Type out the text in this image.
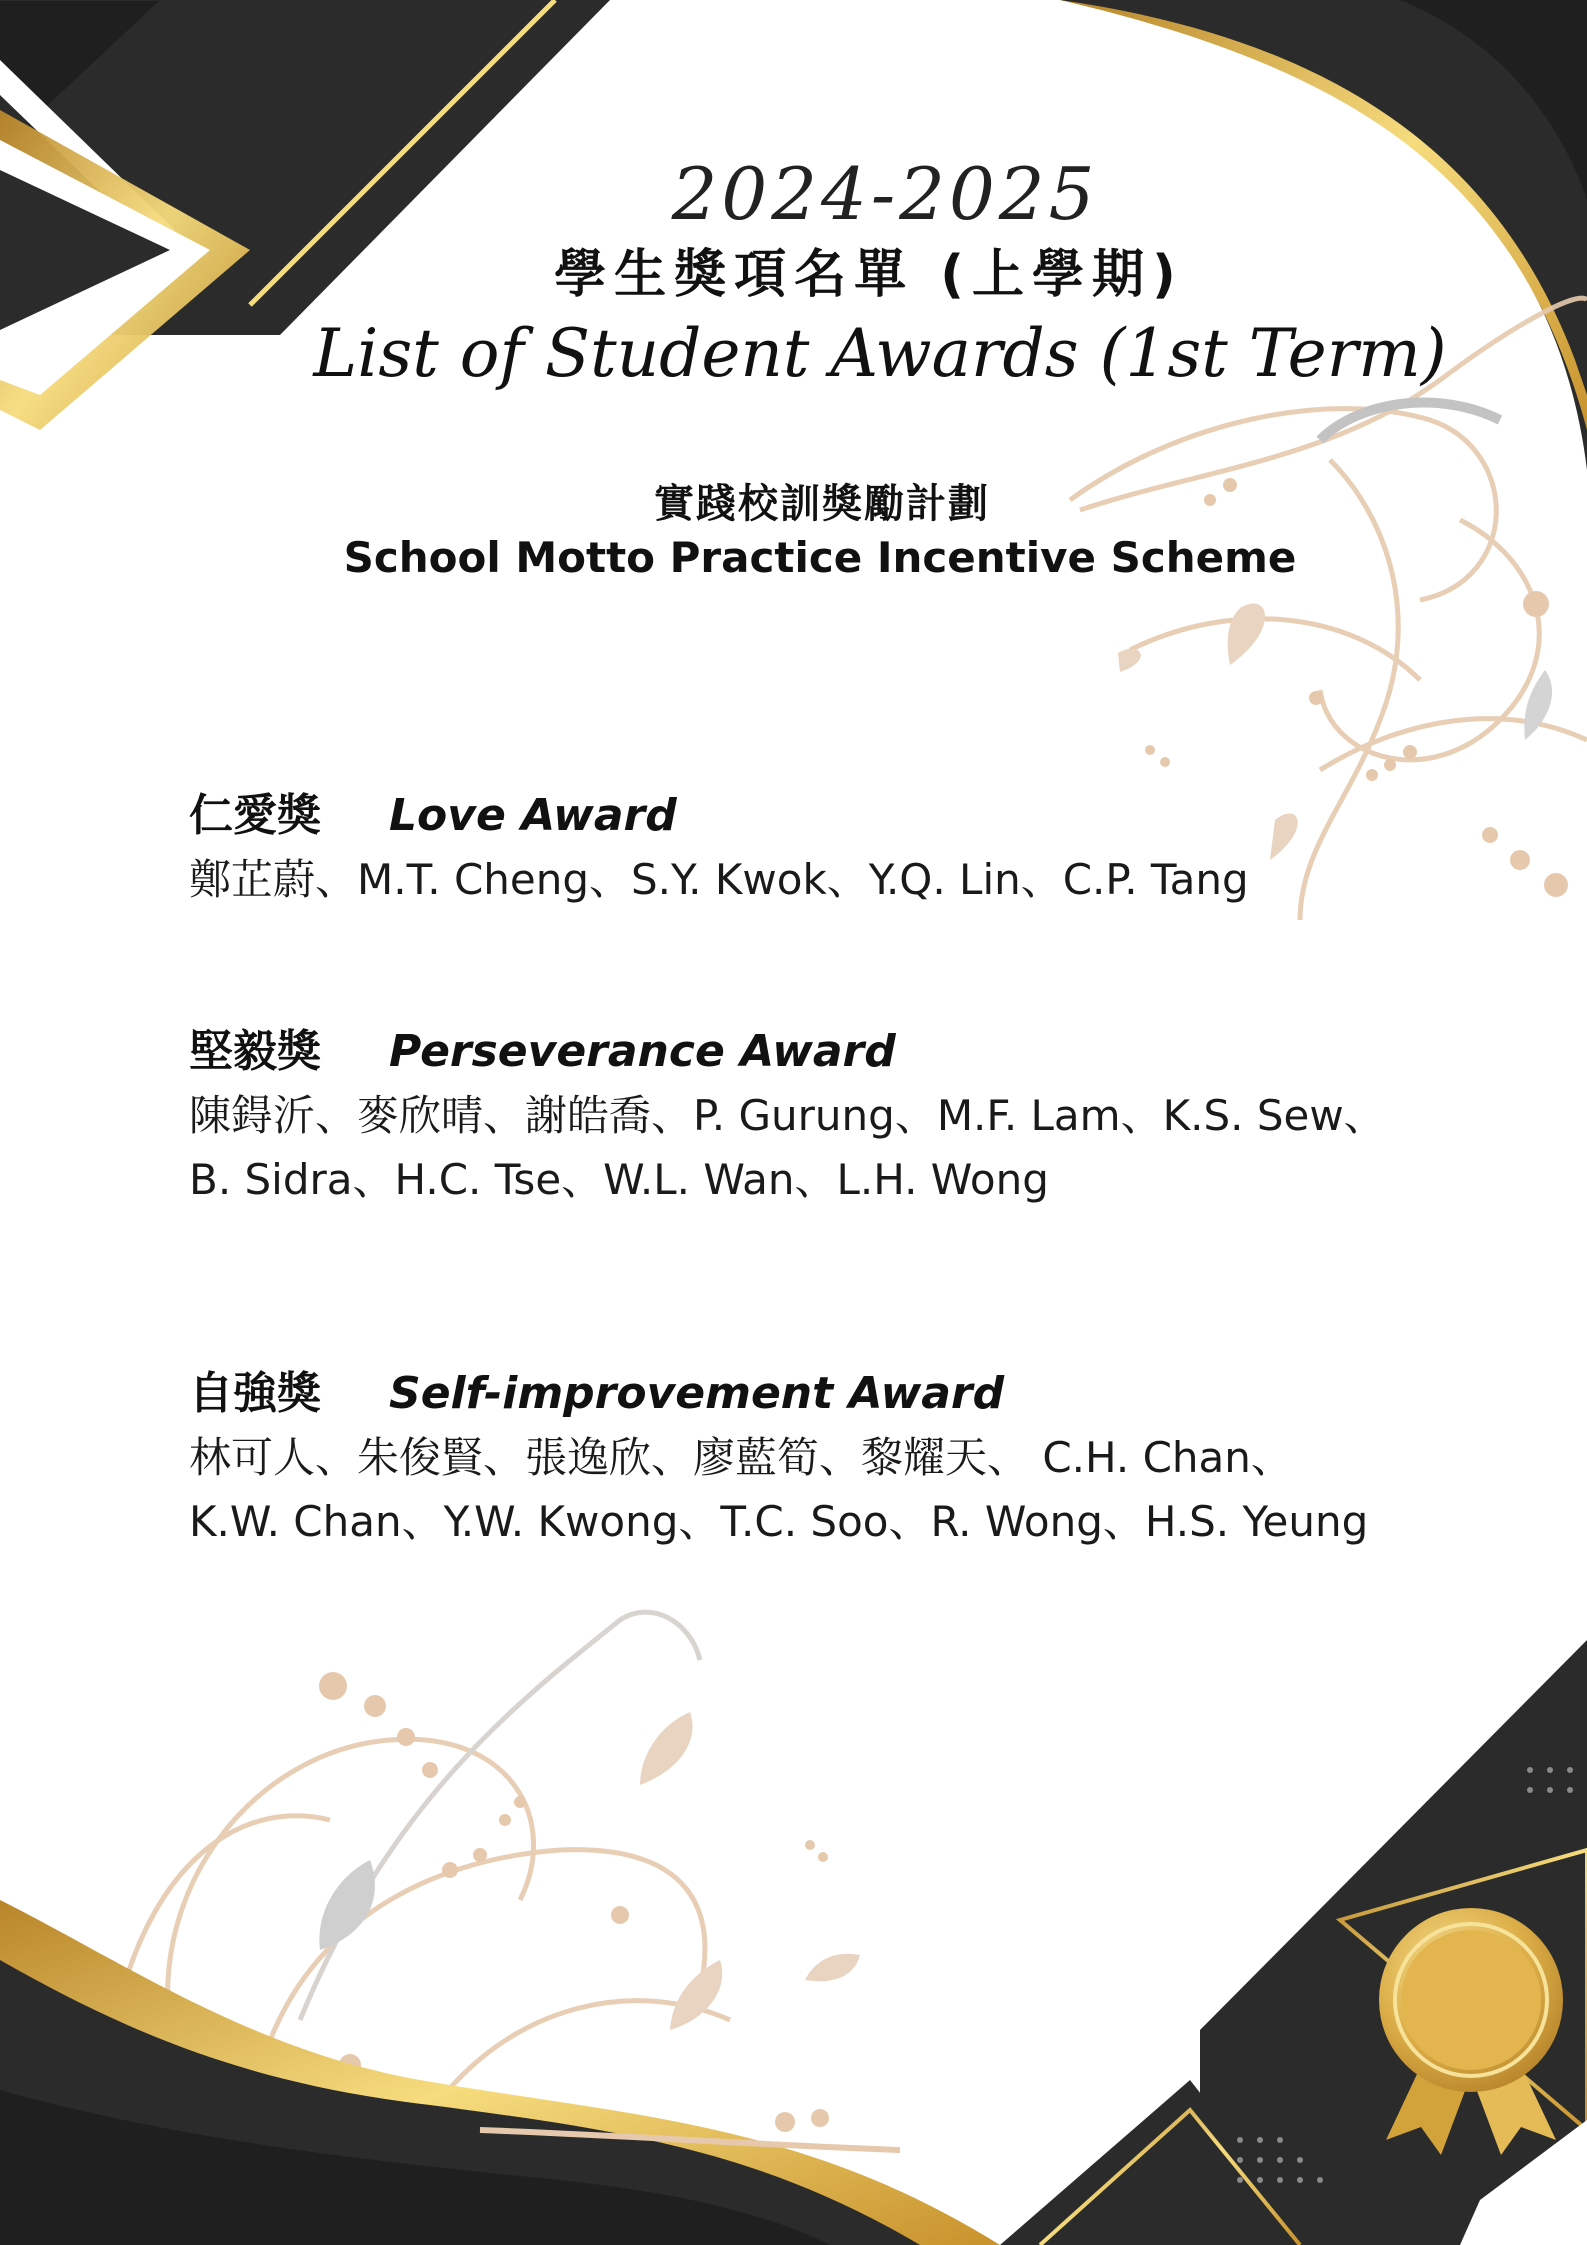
2024-2025
學生獎項名單 (上學期)
List of Student Awards (1st Term)
實踐校訓獎勵計劃
School Motto Practice Incentive Scheme
仁愛獎 Love Award
鄭芷蔚、M.T. Cheng、S.Y. Kwok、Y.Q. Lin、C.P. Tang
堅毅獎 Perseverance Award
陳鍀沂、麥欣晴、謝皓喬、P. Gurung、M.F. Lam、K.S. Sew、
B. Sidra、H.C. Tse、W.L. Wan、L.H. Wong
自強獎 Self-improvement Award
林可人、朱俊賢、張逸欣、廖藍筍、黎耀天、 C.H. Chan、
K.W. Chan、Y.W. Kwong、T.C. Soo、R. Wong、H.S. Yeung
